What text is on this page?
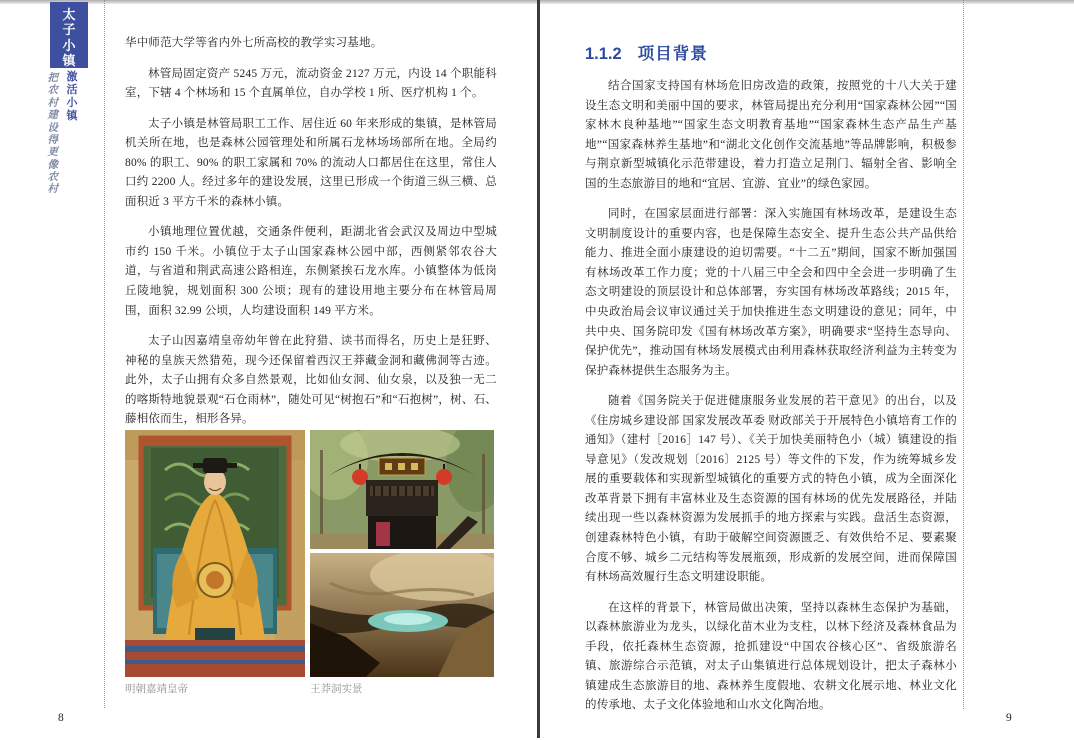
太子小镇
激活小镇
把农村建设得更像农村

华中师范大学等省内外七所高校的教学实习基地。

林管局固定资产 5245 万元，流动资金 2127 万元，内设 14 个职能科室，下辖 4 个林场和 15 个直属单位，自办学校 1 所、医疗机构 1 个。

太子小镇是林管局职工工作、居住近 60 年来形成的集镇，是林管局机关所在地，也是森林公园管理处和所属石龙林场场部所在地。全局约 80% 的职工、90% 的职工家属和 70% 的流动人口都居住在这里，常住人口约 2200 人。经过多年的建设发展，这里已形成一个街道三纵三横、总面积近 3 平方千米的森林小镇。

小镇地理位置优越，交通条件便利，距湖北省会武汉及周边中型城市约 150 千米。小镇位于太子山国家森林公园中部，西侧紧邻农谷大道，与省道和荆武高速公路相连，东侧紧挨石龙水库。小镇整体为低岗丘陵地貌，规划面积 300 公顷；现有的建设用地主要分布在林管局周围，面积 32.99 公顷，人均建设面积 149 平方米。

太子山因嘉靖皇帝幼年曾在此狩猎、读书而得名，历史上是狂野、神秘的皇族天然猎苑，现今还保留着西汉王莽藏金洞和藏佛洞等古迹。此外，太子山拥有众多自然景观，比如仙女洞、仙女泉，以及独一无二的喀斯特地貌景观“石仓雨林”，随处可见“树抱石”和“石抱树”，树、石、藤相依而生，相形各异。

明朝嘉靖皇帝	王莽洞实景
8
1.1.2 项目背景

结合国家支持国有林场危旧房改造的政策，按照党的十八大关于建设生态文明和美丽中国的要求，林管局提出充分利用“国家森林公园”“国家林木良种基地”“国家生态文明教育基地”“国家森林生态产品生产基地”“国家森林养生基地”和“湖北文化创作交流基地”等品牌影响，积极参与荆京新型城镇化示范带建设，着力打造立足荆门、辐射全省、影响全国的生态旅游目的地和“宜居、宜游、宜业”的绿色家园。

同时，在国家层面进行部署：深入实施国有林场改革，是建设生态文明制度设计的重要内容，也是保障生态安全、提升生态公共产品供给能力、推进全面小康建设的迫切需要。“十二五”期间，国家不断加强国有林场改革工作力度；党的十八届三中全会和四中全会进一步明确了生态文明建设的顶层设计和总体部署，夯实国有林场改革路线；2015 年，中央政治局会议审议通过关于加快推进生态文明建设的意见；同年，中共中央、国务院印发《国有林场改革方案》，明确要求“坚持生态导向、保护优先”，推动国有林场发展模式由利用森林获取经济利益为主转变为保护森林提供生态服务为主。

随着《国务院关于促进健康服务业发展的若干意见》的出台，以及《住房城乡建设部 国家发展改革委 财政部关于开展特色小镇培育工作的通知》（建村［2016］147 号）、《关于加快美丽特色小（城）镇建设的指导意见》（发改规划〔2016〕2125 号）等文件的下发，作为统筹城乡发展的重要载体和实现新型城镇化的重要方式的特色小镇，成为全面深化改革背景下拥有丰富林业及生态资源的国有林场的优先发展路径，并陆续出现一些以森林资源为发展抓手的地方探索与实践。盘活生态资源，创建森林特色小镇，有助于破解空间资源匮乏、有效供给不足、要素聚合度不够、城乡二元结构等发展瓶颈，形成新的发展空间，进而保障国有林场高效履行生态文明建设职能。

在这样的背景下，林管局做出决策，坚持以森林生态保护为基础，以森林旅游业为龙头，以绿化苗木业为支柱，以林下经济及森林食品为手段，依托森林生态资源，抢抓建设“中国农谷核心区”、省级旅游名镇、旅游综合示范镇，对太子山集镇进行总体规划设计，把太子森林小镇建成生态旅游目的地、森林养生度假地、农耕文化展示地、林业文化的传承地、太子文化体验地和山水文化陶冶地。

9
